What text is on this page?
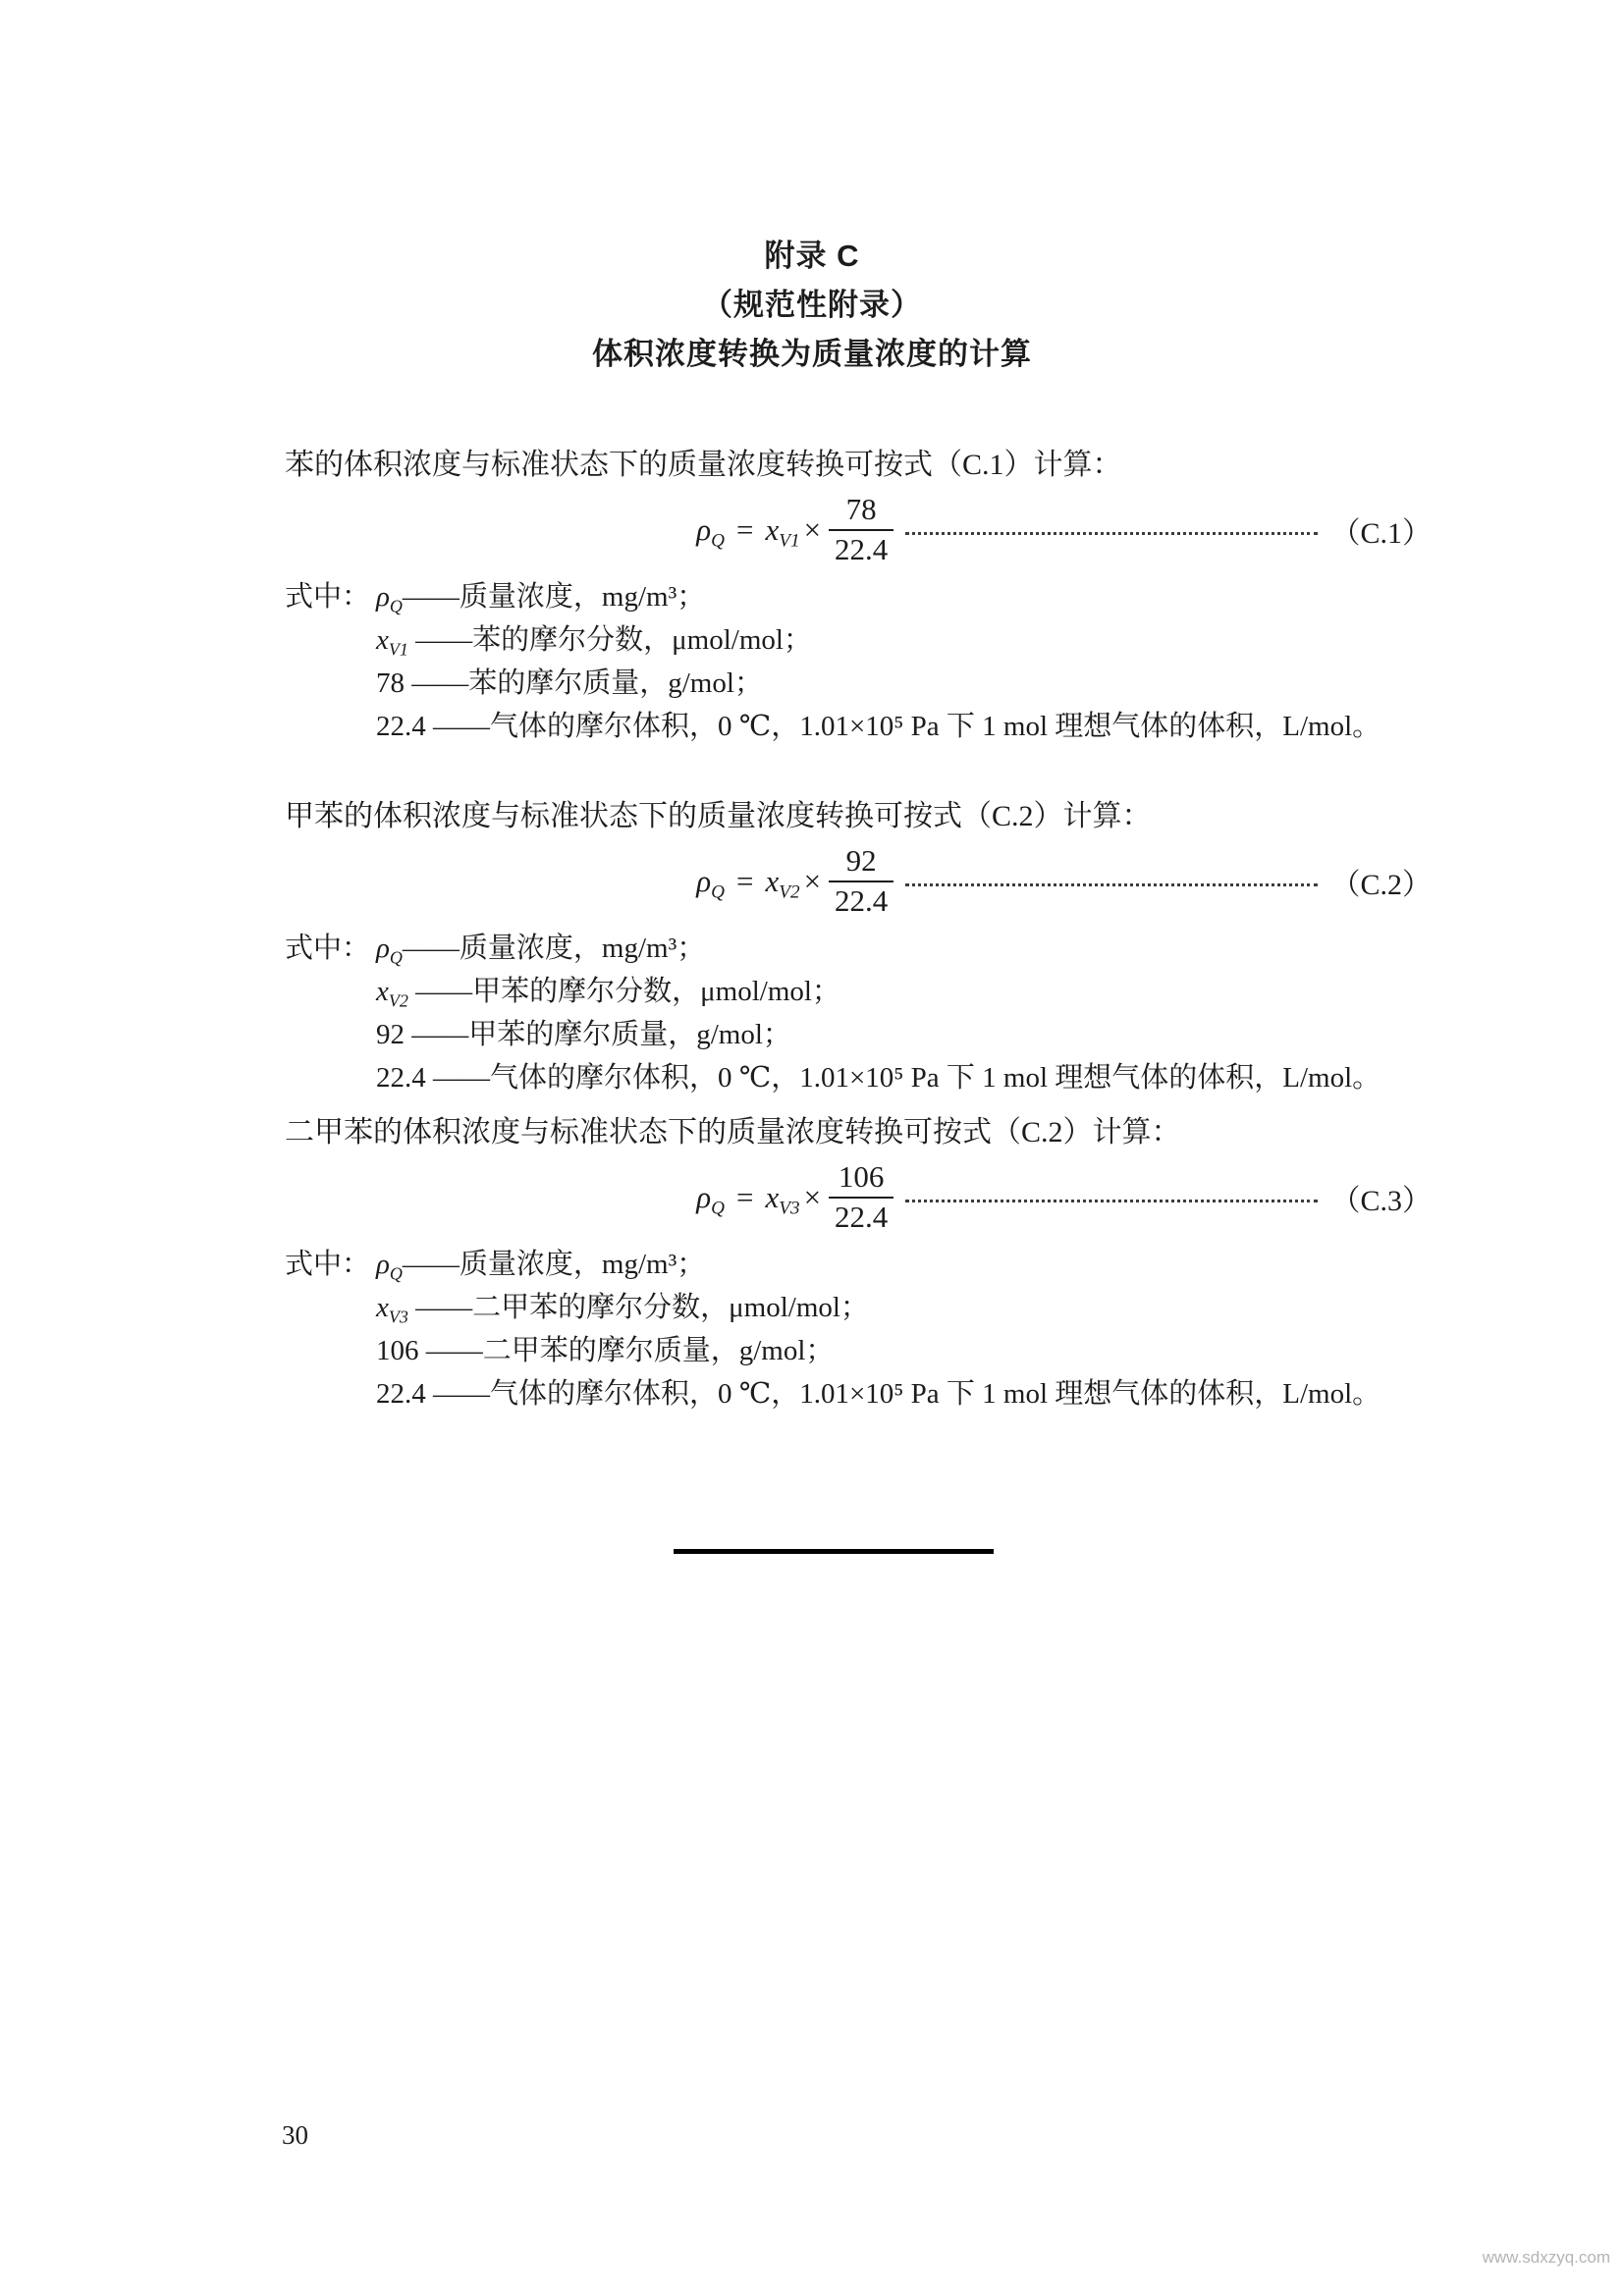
附录 C
（规范性附录）
体积浓度转换为质量浓度的计算

苯的体积浓度与标准状态下的质量浓度转换可按式（C.1）计算：

$\rho_Q = x_{V1} \times \frac{78}{22.4}$	（C.1）
式中： $\rho_Q——$质量浓度，mg/m³；
$x_{V1}$ ——苯的摩尔分数，μmol/mol；
78 ——苯的摩尔质量，g/mol；
22.4 ——气体的摩尔体积，0 ℃，1.01×10⁵ Pa 下 1 mol 理想气体的体积，L/mol。

甲苯的体积浓度与标准状态下的质量浓度转换可按式（C.2）计算：

$\rho_Q = x_{V2} \times \frac{92}{22.4}$	（C.2）
式中： $\rho_Q——$质量浓度，mg/m³；
$x_{V2}$ ——甲苯的摩尔分数，μmol/mol；
92 ——甲苯的摩尔质量，g/mol；
22.4 ——气体的摩尔体积，0 ℃，1.01×10⁵ Pa 下 1 mol 理想气体的体积，L/mol。

二甲苯的体积浓度与标准状态下的质量浓度转换可按式（C.2）计算：

$\rho_Q = x_{V3} \times \frac{106}{22.4}$	（C.3）
式中： $\rho_Q——$质量浓度，mg/m³；
$x_{V3}$ ——二甲苯的摩尔分数，μmol/mol；
106 ——二甲苯的摩尔质量，g/mol；
22.4 ——气体的摩尔体积，0 ℃，1.01×10⁵ Pa 下 1 mol 理想气体的体积，L/mol。
30
www.sdxzyq.com
